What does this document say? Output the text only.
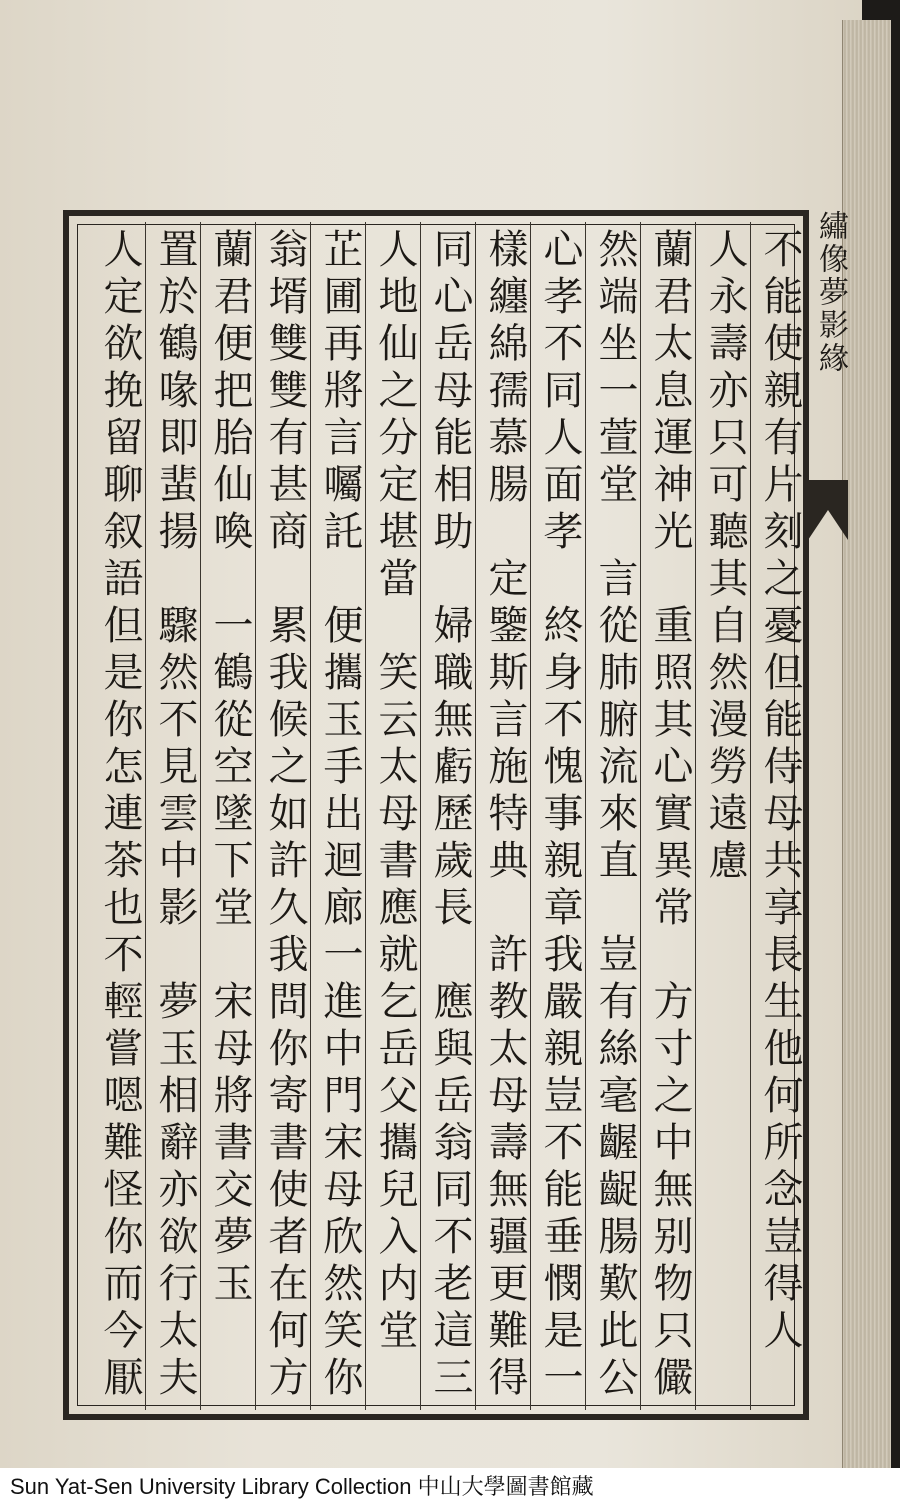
繡像夢影緣
不能使親有片刻之憂但能侍母共享長生他何所念豈得人
人永壽亦只可聽其自然漫勞遠慮
蘭君太息運神光　重照其心實異常　方寸之中無别物只儼
然端坐一萱堂　言從肺腑流來直　豈有絲毫齷齪腸歎此公
心孝不同人面孝　終身不愧事親章我嚴親豈不能垂憫是一
樣纏綿孺慕腸　定鑒斯言施特典　許教太母壽無疆更難得
同心岳母能相助　婦職無虧歷歲長　應與岳翁同不老這三
人地仙之分定堪當　笑云太母書應就乞岳父攜兒入内堂
芷圃再將言囑託　便攜玉手出迴廊一進中門宋母欣然笑你
翁壻雙雙有甚商　累我候之如許久我問你寄書使者在何方
蘭君便把胎仙喚　一鶴從空墜下堂　宋母將書交夢玉
置於鶴喙即蜚揚　驟然不見雲中影　夢玉相辭亦欲行太夫
人定欲挽留聊叙語但是你怎連茶也不輕嘗嗯難怪你而今厭
Sun Yat-Sen University Library Collection 中山大學圖書館藏
